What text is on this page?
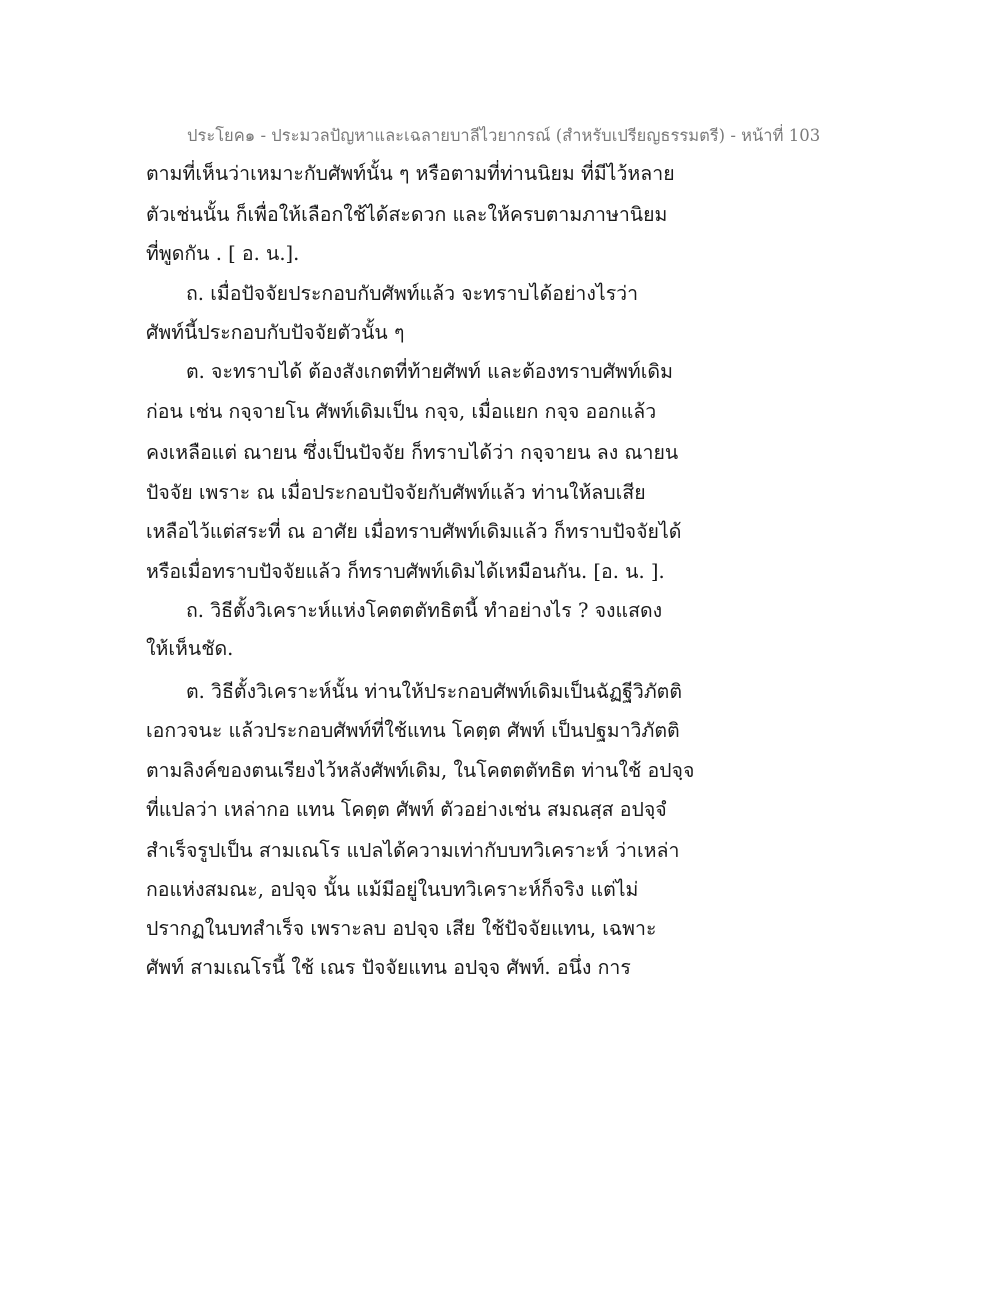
ประโยค๑ - ประมวลปัญหาและเฉลายบาลีไวยากรณ์ (สำหรับเปรียญธรรมตรี) - หน้าที่ 103
ตามที่เห็นว่าเหมาะกับศัพท์นั้น ๆ หรือตามที่ท่านนิยม ที่มีไว้หลาย
ตัวเช่นนั้น ก็เพื่อให้เลือกใช้ได้สะดวก และให้ครบตามภาษานิยม
ที่พูดกัน . [ อ. น.].
ถ. เมื่อปัจจัยประกอบกับศัพท์แล้ว จะทราบได้อย่างไรว่า
ศัพท์นี้ประกอบกับปัจจัยตัวนั้น ๆ
ต. จะทราบได้ ต้องสังเกตที่ท้ายศัพท์ และต้องทราบศัพท์เดิม
ก่อน เช่น กจฺจายโน ศัพท์เดิมเป็น กจฺจ, เมื่อแยก กจฺจ ออกแล้ว
คงเหลือแต่ ณายน ซึ่งเป็นปัจจัย ก็ทราบได้ว่า กจฺจายน ลง ณายน
ปัจจัย เพราะ ณ เมื่อประกอบปัจจัยกับศัพท์แล้ว ท่านให้ลบเสีย
เหลือไว้แต่สระที่ ณ อาศัย เมื่อทราบศัพท์เดิมแล้ว ก็ทราบปัจจัยได้
หรือเมื่อทราบปัจจัยแล้ว ก็ทราบศัพท์เดิมได้เหมือนกัน. [อ. น. ].
ถ. วิธีตั้งวิเคราะห์แห่งโคตตตัทธิตนี้ ทำอย่างไร ? จงแสดง
ให้เห็นชัด.
ต. วิธีตั้งวิเคราะห์นั้น ท่านให้ประกอบศัพท์เดิมเป็นฉัฏฐีวิภัตติ
เอกวจนะ แล้วประกอบศัพท์ที่ใช้แทน โคตฺต ศัพท์ เป็นปฐมาวิภัตติ
ตามลิงค์ของตนเรียงไว้หลังศัพท์เดิม, ในโคตตตัทธิต ท่านใช้ อปจฺจ
ที่แปลว่า เหล่ากอ แทน โคตฺต ศัพท์ ตัวอย่างเช่น สมณสฺส อปจฺจํ
สำเร็จรูปเป็น สามเณโร แปลได้ความเท่ากับบทวิเคราะห์ ว่าเหล่า
กอแห่งสมณะ, อปจฺจ นั้น แม้มีอยู่ในบทวิเคราะห์ก็จริง แต่ไม่
ปรากฏในบทสำเร็จ เพราะลบ อปจฺจ เสีย ใช้ปัจจัยแทน, เฉพาะ
ศัพท์ สามเณโรนี้ ใช้ เณร ปัจจัยแทน อปจฺจ ศัพท์. อนึ่ง การ
